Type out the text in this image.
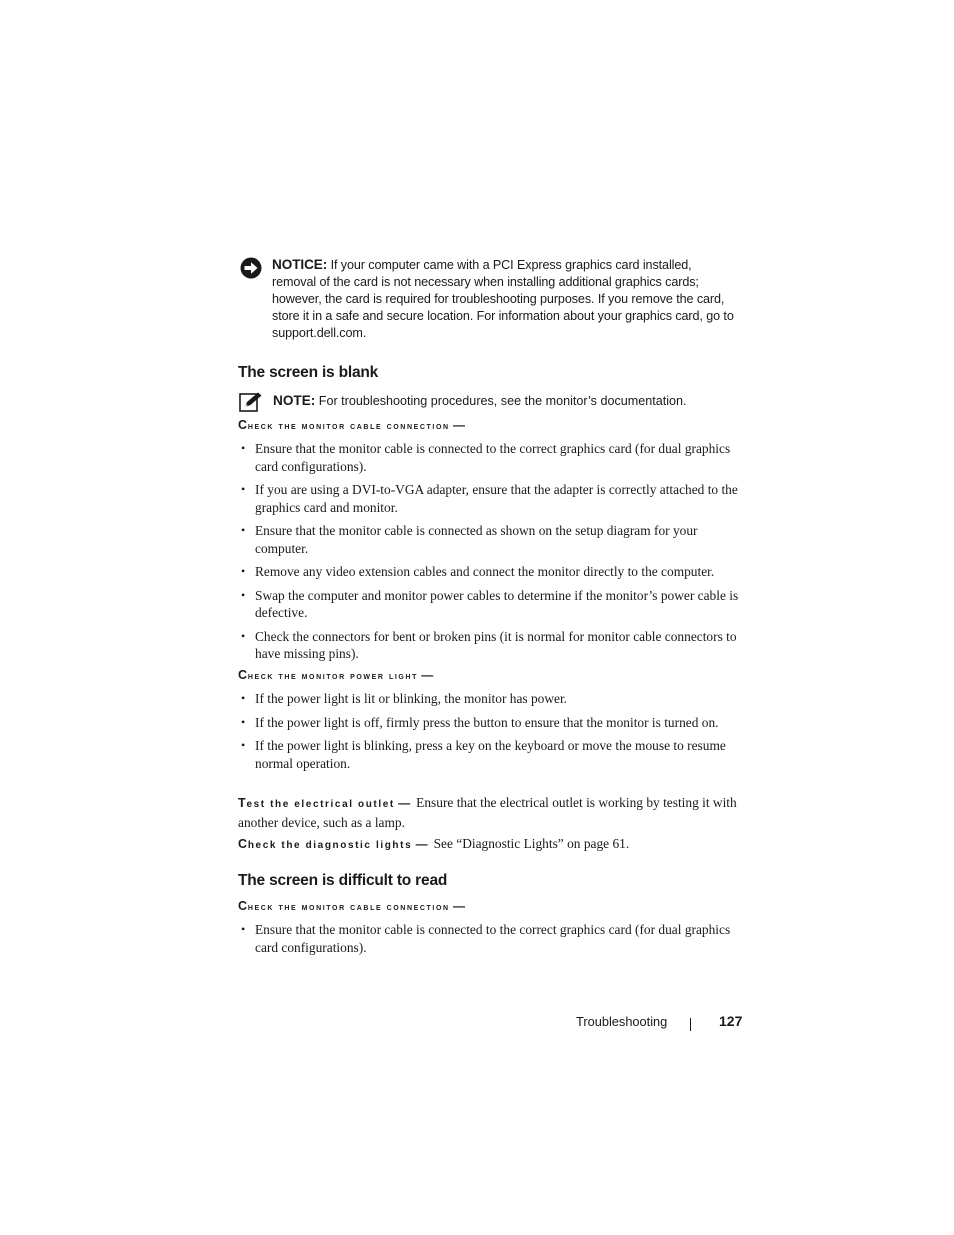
NOTICE: If your computer came with a PCI Express graphics card installed, removal of the card is not necessary when installing additional graphics cards; however, the card is required for troubleshooting purposes. If you remove the card, store it in a safe and secure location. For information about your graphics card, go to support.dell.com.
The screen is blank
NOTE: For troubleshooting procedures, see the monitor’s documentation.
Check the monitor cable connection —
• Ensure that the monitor cable is connected to the correct graphics card (for dual graphics card configurations).
• If you are using a DVI-to-VGA adapter, ensure that the adapter is correctly attached to the graphics card and monitor.
• Ensure that the monitor cable is connected as shown on the setup diagram for your computer.
• Remove any video extension cables and connect the monitor directly to the computer.
• Swap the computer and monitor power cables to determine if the monitor’s power cable is defective.
• Check the connectors for bent or broken pins (it is normal for monitor cable connectors to have missing pins).
Check the monitor power light —
• If the power light is lit or blinking, the monitor has power.
• If the power light is off, firmly press the button to ensure that the monitor is turned on.
• If the power light is blinking, press a key on the keyboard or move the mouse to resume normal operation.
Test the electrical outlet — Ensure that the electrical outlet is working by testing it with another device, such as a lamp.
Check the diagnostic lights — See “Diagnostic Lights” on page 61.
The screen is difficult to read
Check the monitor cable connection —
• Ensure that the monitor cable is connected to the correct graphics card (for dual graphics card configurations).
Troubleshooting	127
